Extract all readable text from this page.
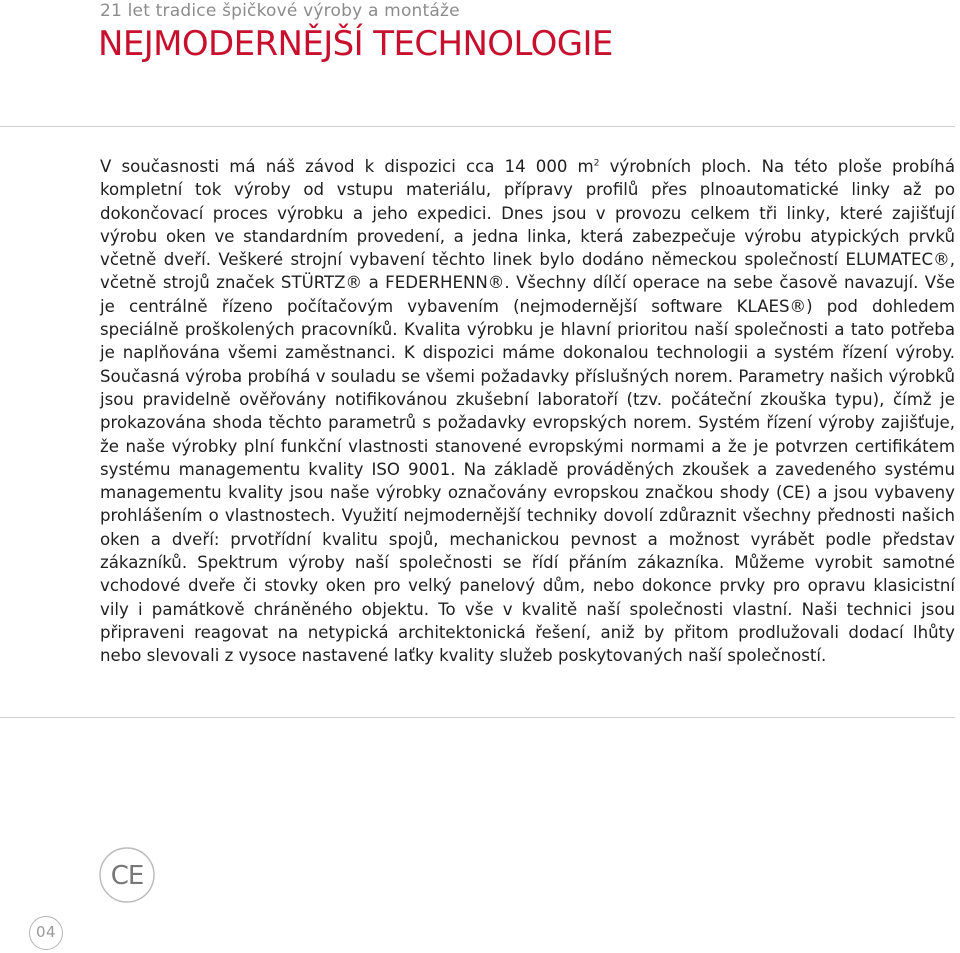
21 let tradice špičkové výroby a montáže
NEJMODERNĚJŠÍ TECHNOLOGIE
V současnosti má náš závod k dispozici cca 14 000 $m^2$ výrobních ploch. Na této ploše probíhá kompletní tok výroby od vstupu materiálu, přípravy profilů přes plnoautomatické linky až po dokončovací proces výrobku a jeho expedici. Dnes jsou v provozu celkem tři linky, které zajišťují výrobu oken ve standardním provedení, a jedna linka, která zabezpečuje výrobu atypických prvků včetně dveří. Veškeré strojní vybavení těchto linek bylo dodáno německou společností ELUMATEC®, včetně strojů značek STÜRTZ® a FEDERHENN®. Všechny dílčí operace na sebe časově navazují. Vše je centrálně řízeno počítačovým vybavením (nejmodernější software KLAES®) pod dohledem speciálně proškolených pracovníků. Kvalita výrobku je hlavní prioritou naší společnosti a tato potřeba je naplňována všemi zaměstnanci. K dispozici máme dokonalou technologii a systém řízení výroby. Současná výroba probíhá v souladu se všemi požadavky příslušných norem. Parametry našich výrobků jsou pravidelně ověřovány notifikovánou zkušební laboratoří (tzv. počáteční zkouška typu), čímž je prokazována shoda těchto parametrů s požadavky evropských norem. Systém řízení výroby zajišťuje, že naše výrobky plní funkční vlastnosti stanovené evropskými normami a že je potvrzen certifikátem systému managementu kvality ISO 9001. Na základě prováděných zkoušek a zavedeného systému managementu kvality jsou naše výrobky označovány evropskou značkou shody (CE) a jsou vybaveny prohlášením o vlastnostech. Využití nejmodernější techniky dovolí zdůraznit všechny přednosti našich oken a dveří: prvotřídní kvalitu spojů, mechanickou pevnost a možnost vyrábět podle představ zákazníků. Spektrum výroby naší společnosti se řídí přáním zákazníka. Můžeme vyrobit samotné vchodové dveře či stovky oken pro velký panelový dům, nebo dokonce prvky pro opravu klasicistní vily i památkově chráněného objektu. To vše v kvalitě naší společnosti vlastní. Naši technici jsou připraveni reagovat na netypická architektonická řešení, aniž by přitom prodlužovali dodací lhůty nebo slevovali z vysoce nastavené laťky kvality služeb poskytovaných naší společností.
CE
04
